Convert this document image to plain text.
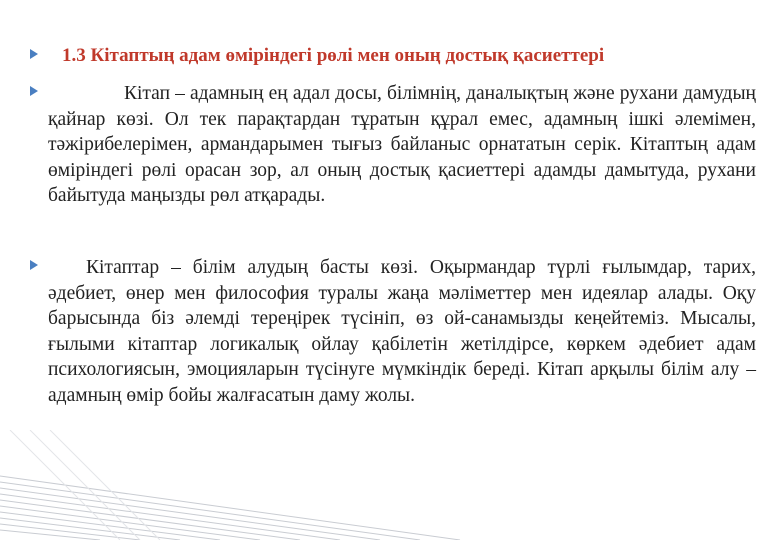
1.3 Кітаптың адам өміріндегі рөлі мен оның достық қасиеттері
Кітап – адамның ең адал досы, білімнің, даналықтың және рухани дамудың қайнар көзі. Ол тек парақтардан тұратын құрал емес, адамның ішкі әлемімен, тәжірибелерімен, армандарымен тығыз байланыс орнататын серік. Кітаптың адам өміріндегі рөлі орасан зор, ал оның достық қасиеттері адамды дамытуда, рухани байытуда маңызды рөл атқарады.
Кітаптар – білім алудың басты көзі. Оқырмандар түрлі ғылымдар, тарих, әдебиет, өнер мен философия туралы жаңа мәліметтер мен идеялар алады. Оқу барысында біз әлемді тереңірек түсініп, өз ой-санамызды кеңейтеміз. Мысалы, ғылыми кітаптар логикалық ойлау қабілетін жетілдірсе, көркем әдебиет адам психологиясын, эмоцияларын түсінуге мүмкіндік береді. Кітап арқылы білім алу – адамның өмір бойы жалғасатын даму жолы.
